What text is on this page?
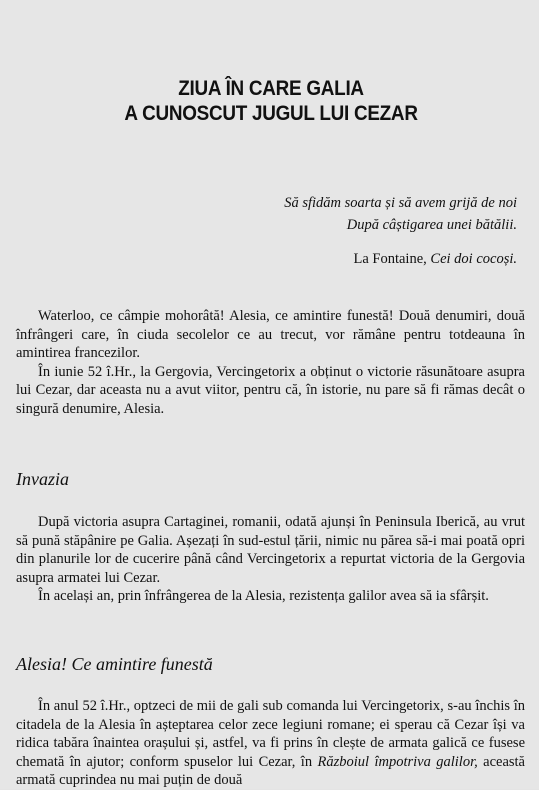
ZIUA ÎN CARE GALIA
A CUNOSCUT JUGUL LUI CEZAR
Să sfidăm soarta și să avem grijă de noi
După câștigarea unei bătălii.
La Fontaine, Cei doi cocoși.

Waterloo, ce câmpie mohorâtă! Alesia, ce amintire funestă! Două denumiri, două înfrângeri care, în ciuda secolelor ce au trecut, vor rămâne pentru totdeauna în amintirea francezilor.

În iunie 52 î.Hr., la Gergovia, Vercingetorix a obținut o victorie răsunătoare asupra lui Cezar, dar aceasta nu a avut viitor, pentru că, în istorie, nu pare să fi rămas decât o singură denumire, Alesia.

Invazia

După victoria asupra Cartaginei, romanii, odată ajunși în Peninsula Iberică, au vrut să pună stăpânire pe Galia. Așezați în sud-estul țării, nimic nu părea să-i mai poată opri din planurile lor de cucerire până când Vercingetorix a repurtat victoria de la Gergovia asupra armatei lui Cezar.

În același an, prin înfrângerea de la Alesia, rezistența galilor avea să ia sfârșit.

Alesia! Ce amintire funestă

În anul 52 î.Hr., optzeci de mii de gali sub comanda lui Vercingetorix, s-au închis în citadela de la Alesia în așteptarea celor zece legiuni romane; ei sperau că Cezar își va ridica tabăra înaintea orașului și, astfel, va fi prins în clește de armata galică ce fusese chemată în ajutor; conform spuselor lui Cezar, în Războiul împotriva galilor, această armată cuprindea nu mai puțin de două
